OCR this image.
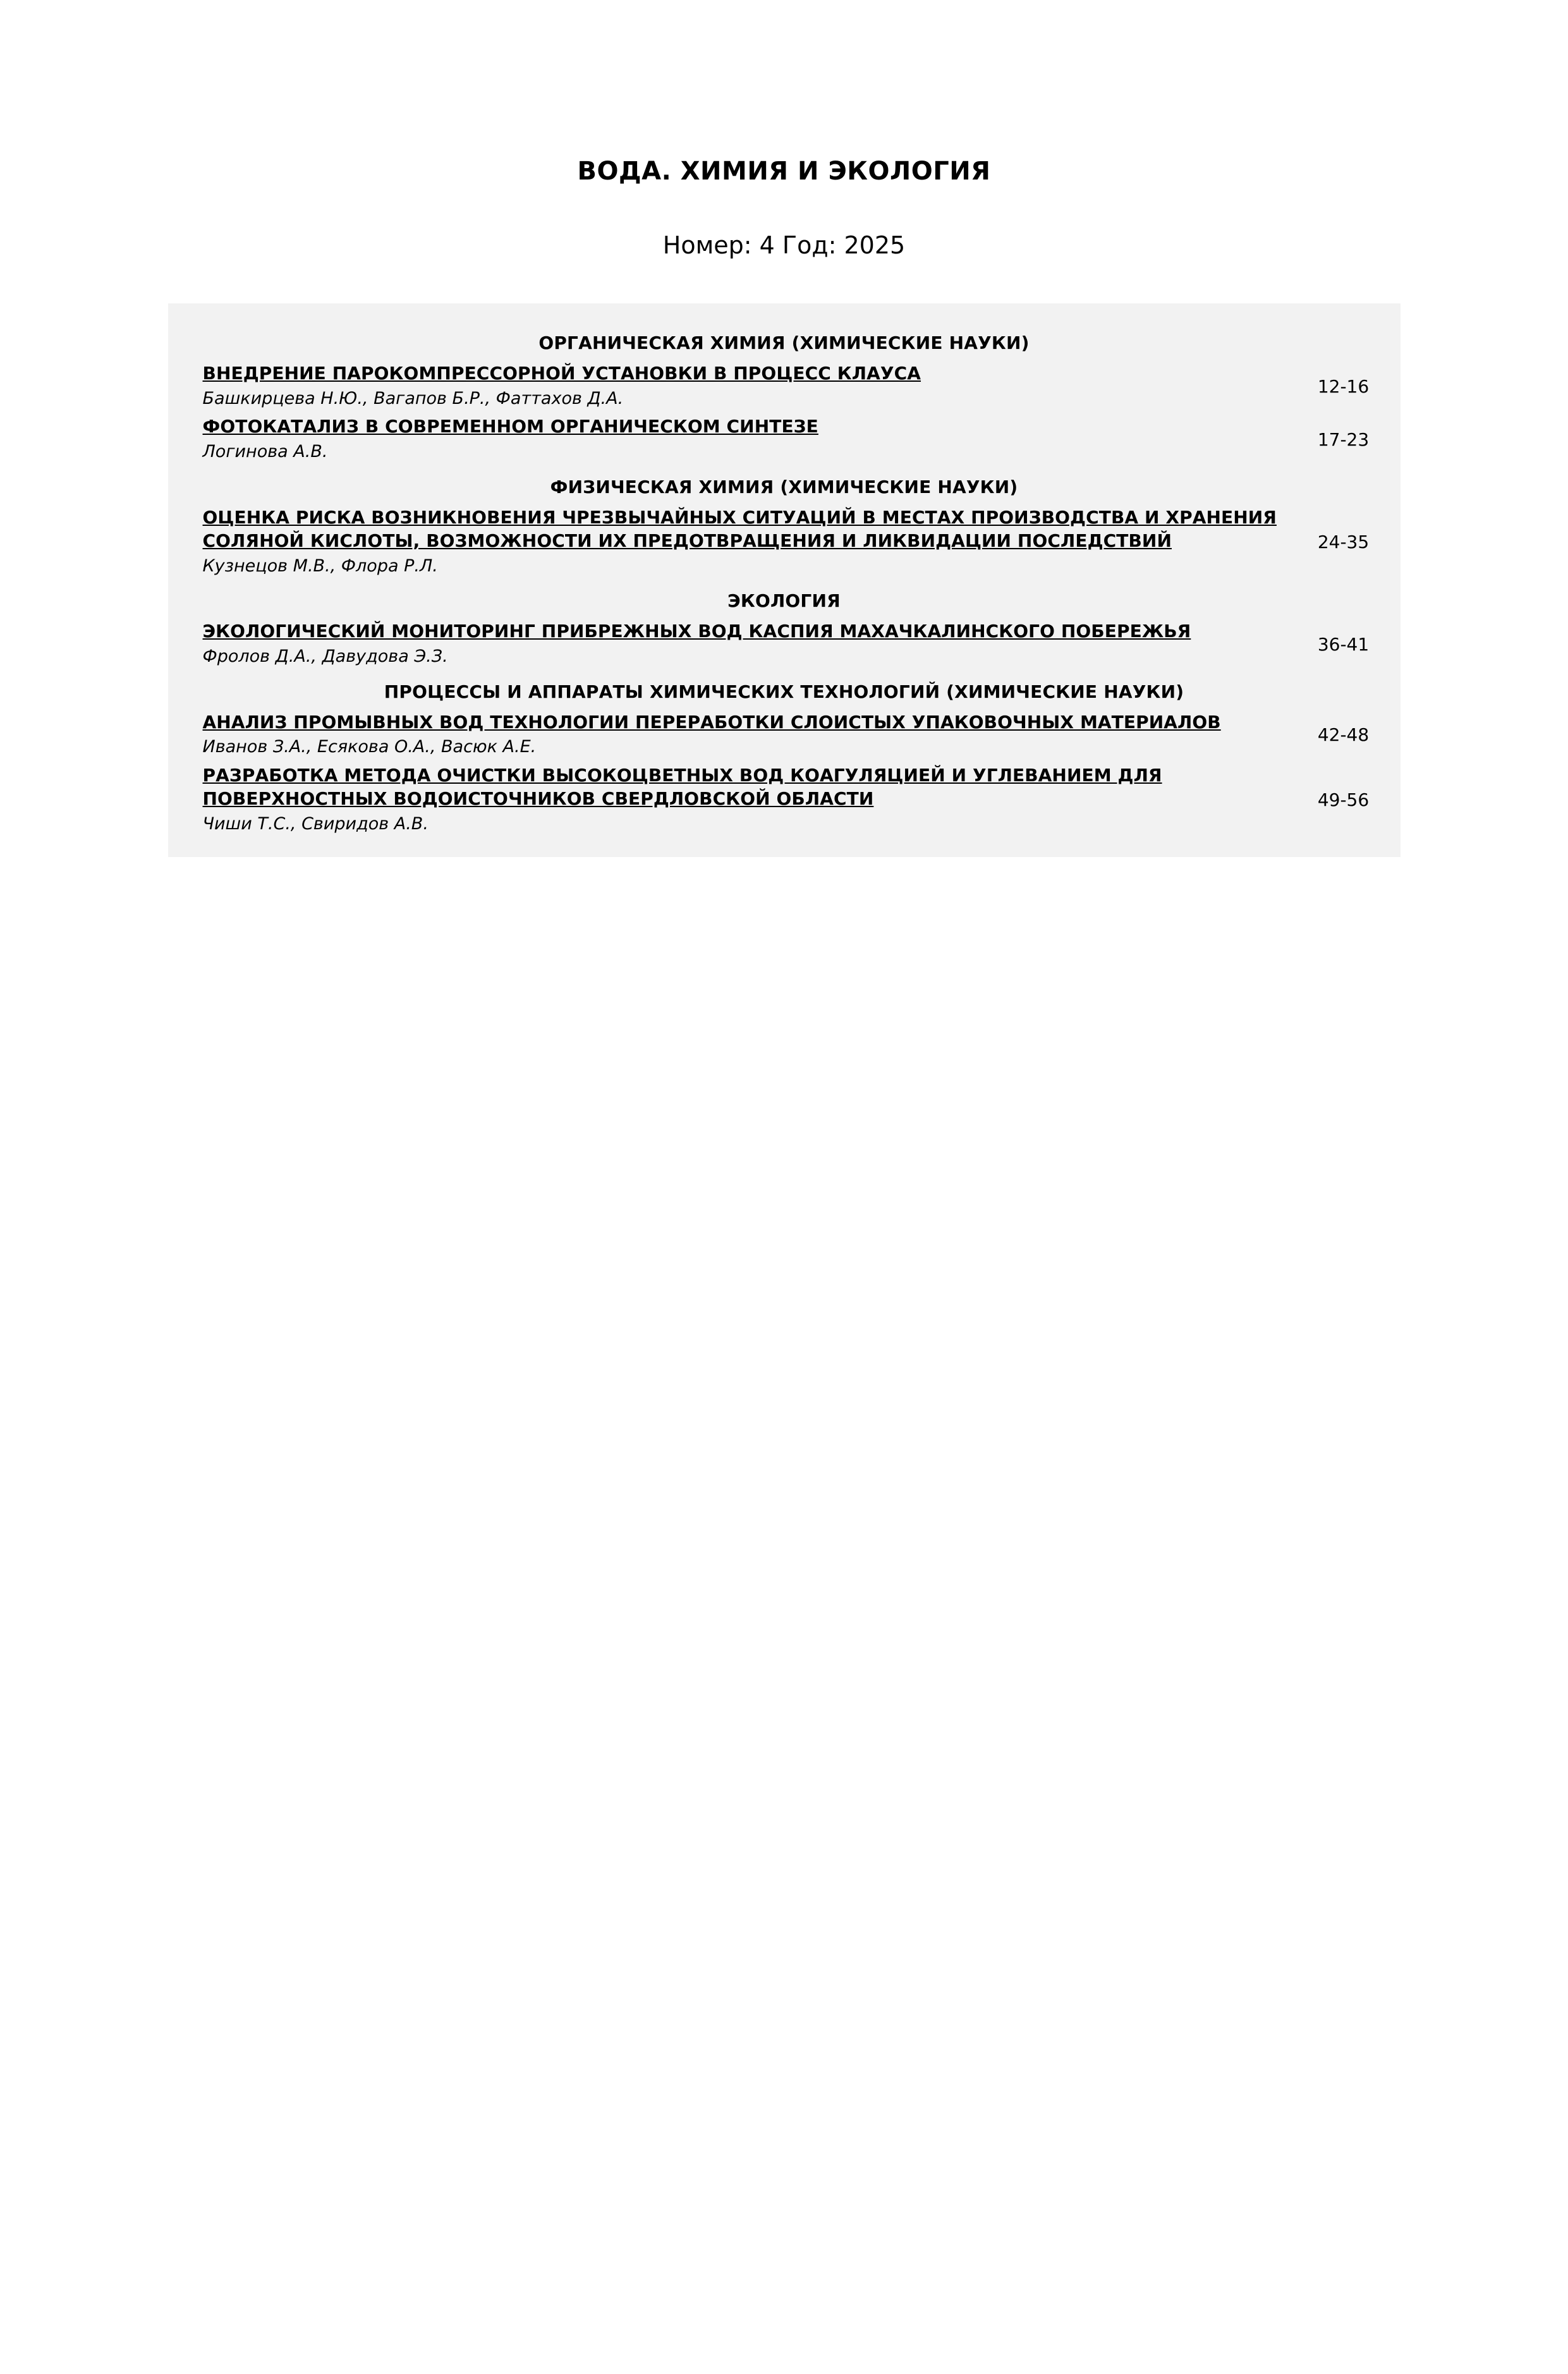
ВОДА. ХИМИЯ И ЭКОЛОГИЯ
Номер: 4 Год: 2025
ОРГАНИЧЕСКАЯ ХИМИЯ (ХИМИЧЕСКИЕ НАУКИ)
ВНЕДРЕНИЕ ПАРОКОМПРЕССОРНОЙ УСТАНОВКИ В ПРОЦЕСС КЛАУСА
Башкирцева Н.Ю., Вагапов Б.Р., Фаттахов Д.А.
12-16
ФОТОКАТАЛИЗ В СОВРЕМЕННОМ ОРГАНИЧЕСКОМ СИНТЕЗЕ
Логинова А.В.
17-23
ФИЗИЧЕСКАЯ ХИМИЯ (ХИМИЧЕСКИЕ НАУКИ)
ОЦЕНКА РИСКА ВОЗНИКНОВЕНИЯ ЧРЕЗВЫЧАЙНЫХ СИТУАЦИЙ В МЕСТАХ ПРОИЗВОДСТВА И ХРАНЕНИЯ СОЛЯНОЙ КИСЛОТЫ, ВОЗМОЖНОСТИ ИХ ПРЕДОТВРАЩЕНИЯ И ЛИКВИДАЦИИ ПОСЛЕДСТВИЙ
Кузнецов М.В., Флора Р.Л.
24-35
ЭКОЛОГИЯ
ЭКОЛОГИЧЕСКИЙ МОНИТОРИНГ ПРИБРЕЖНЫХ ВОД КАСПИЯ МАХАЧКАЛИНСКОГО ПОБЕРЕЖЬЯ
Фролов Д.А., Давудова Э.З.
36-41
ПРОЦЕССЫ И АППАРАТЫ ХИМИЧЕСКИХ ТЕХНОЛОГИЙ (ХИМИЧЕСКИЕ НАУКИ)
АНАЛИЗ ПРОМЫВНЫХ ВОД ТЕХНОЛОГИИ ПЕРЕРАБОТКИ СЛОИСТЫХ УПАКОВОЧНЫХ МАТЕРИАЛОВ
Иванов З.А., Есякова О.А., Васюк А.Е.
42-48
РАЗРАБОТКА МЕТОДА ОЧИСТКИ ВЫСОКОЦВЕТНЫХ ВОД КОАГУЛЯЦИЕЙ И УГЛЕВАНИЕМ ДЛЯ ПОВЕРХНОСТНЫХ ВОДОИСТОЧНИКОВ СВЕРДЛОВСКОЙ ОБЛАСТИ
Чиши Т.С., Свиридов А.В.
49-56
